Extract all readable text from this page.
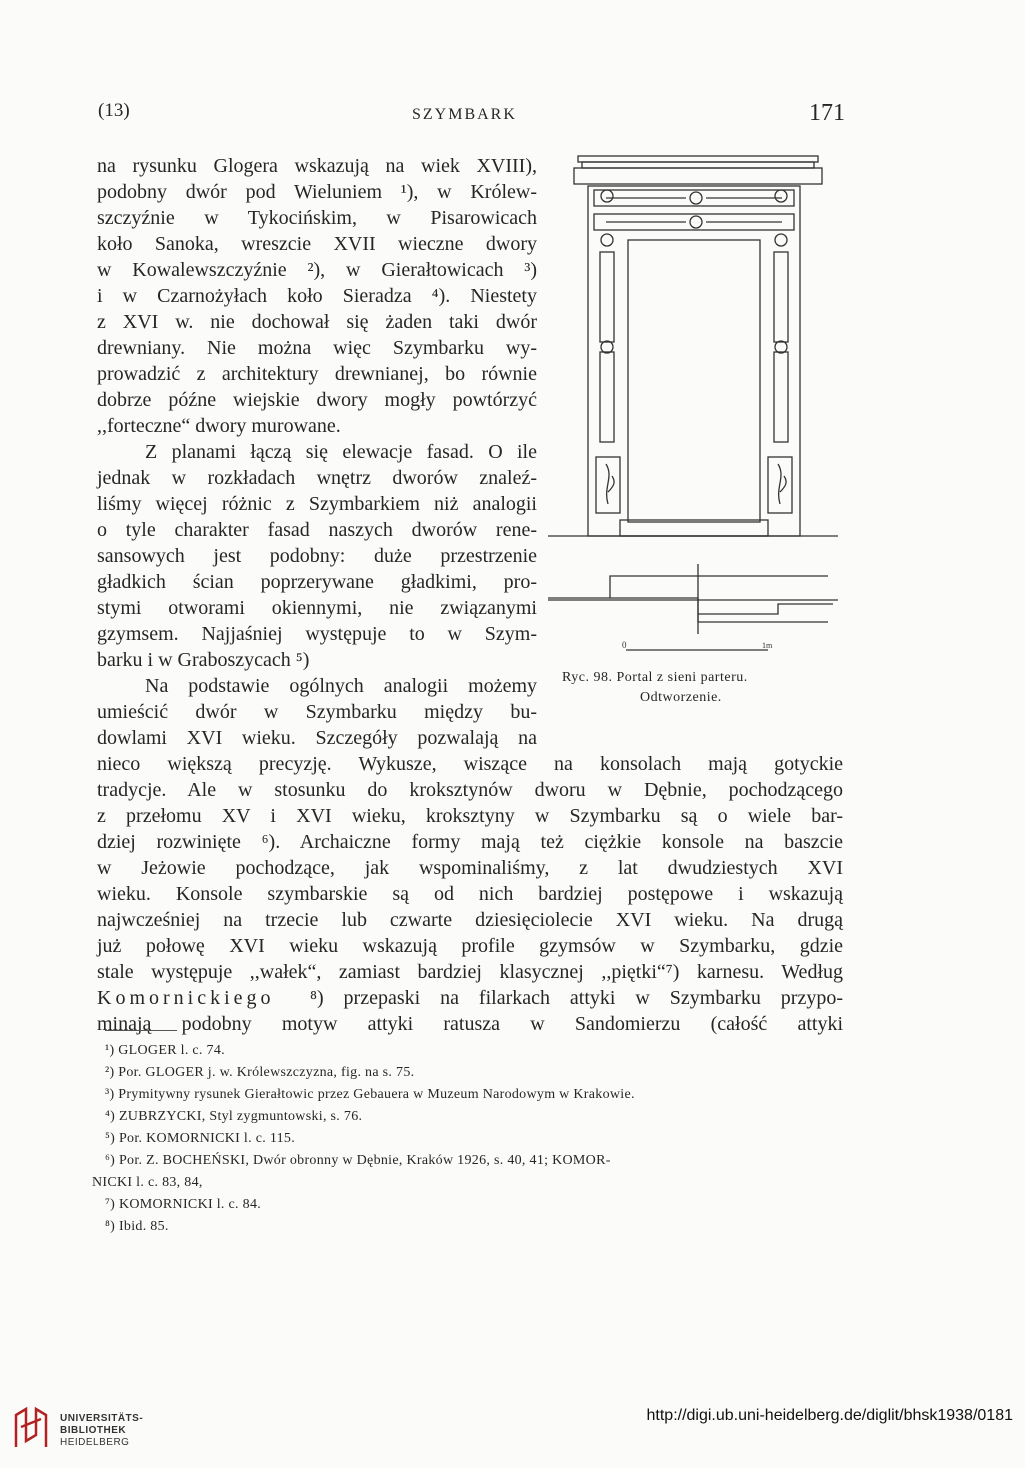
(13)	SZYMBARK	171
na rysunku Glogera wskazują na wiek XVIII),
podobny dwór pod Wieluniem ¹), w Królew-
szczyźnie w Tykocińskim, w Pisarowicach
koło Sanoka, wreszcie XVII wieczne dwory
w Kowalewszczyźnie ²), w Gierałtowicach ³)
i w Czarnożyłach koło Sieradza ⁴). Niestety
z XVI w. nie dochował się żaden taki dwór
drewniany. Nie można więc Szymbarku wy-
prowadzić z architektury drewnianej, bo równie
dobrze późne wiejskie dwory mogły powtórzyć
,,forteczne“ dwory murowane.
Z planami łączą się elewacje fasad. O ile
jednak w rozkładach wnętrz dworów znaleź-
liśmy więcej różnic z Szymbarkiem niż analogii
o tyle charakter fasad naszych dworów rene-
sansowych jest podobny: duże przestrzenie
gładkich ścian poprzerywane gładkimi, pro-
stymi otworami okiennymi, nie związanymi
gzymsem. Najjaśniej występuje to w Szym-
barku i w Graboszycach ⁵)
Na podstawie ogólnych analogii możemy
umieścić dwór w Szymbarku między bu-
dowlami XVI wieku. Szczegóły pozwalają na
nieco większą precyzję. Wykusze, wiszące na konsolach mają gotyckie
tradycje. Ale w stosunku do kroksztynów dworu w Dębnie, pochodzącego
z przełomu XV i XVI wieku, kroksztyny w Szymbarku są o wiele bar-
dziej rozwinięte ⁶). Archaiczne formy mają też ciężkie konsole na baszcie
w Jeżowie pochodzące, jak wspominaliśmy, z lat dwudziestych XVI
wieku. Konsole szymbarskie są od nich bardziej postępowe i wskazują
najwcześniej na trzecie lub czwarte dziesięciolecie XVI wieku. Na drugą
już połowę XVI wieku wskazują profile gzymsów w Szymbarku, gdzie
stale występuje ,,wałek“, zamiast bardziej klasycznej ,,piętki“⁷) karnesu. Według
Komornickiego ⁸) przepaski na filarkach attyki w Szymbarku przypo-
minają podobny motyw attyki ratusza w Sandomierzu (całość attyki
0	1m
Ryc. 98. Portal z sieni parteru.
Odtworzenie.
¹) GLOGER l. c. 74.
²) Por. GLOGER j. w. Królewszczyzna, fig. na s. 75.
³) Prymitywny rysunek Gierałtowic przez Gebauera w Muzeum Narodowym w Krakowie.
⁴) ZUBRZYCKI, Styl zygmuntowski, s. 76.
⁵) Por. KOMORNICKI l. c. 115.
⁶) Por. Z. BOCHEŃSKI, Dwór obronny w Dębnie, Kraków 1926, s. 40, 41; KOMOR-
NICKI l. c. 83, 84,
⁷) KOMORNICKI l. c. 84.
⁸) Ibid. 85.
UNIVERSITÄTS-
BIBLIOTHEK
HEIDELBERG
http://digi.ub.uni-heidelberg.de/diglit/bhsk1938/0181
